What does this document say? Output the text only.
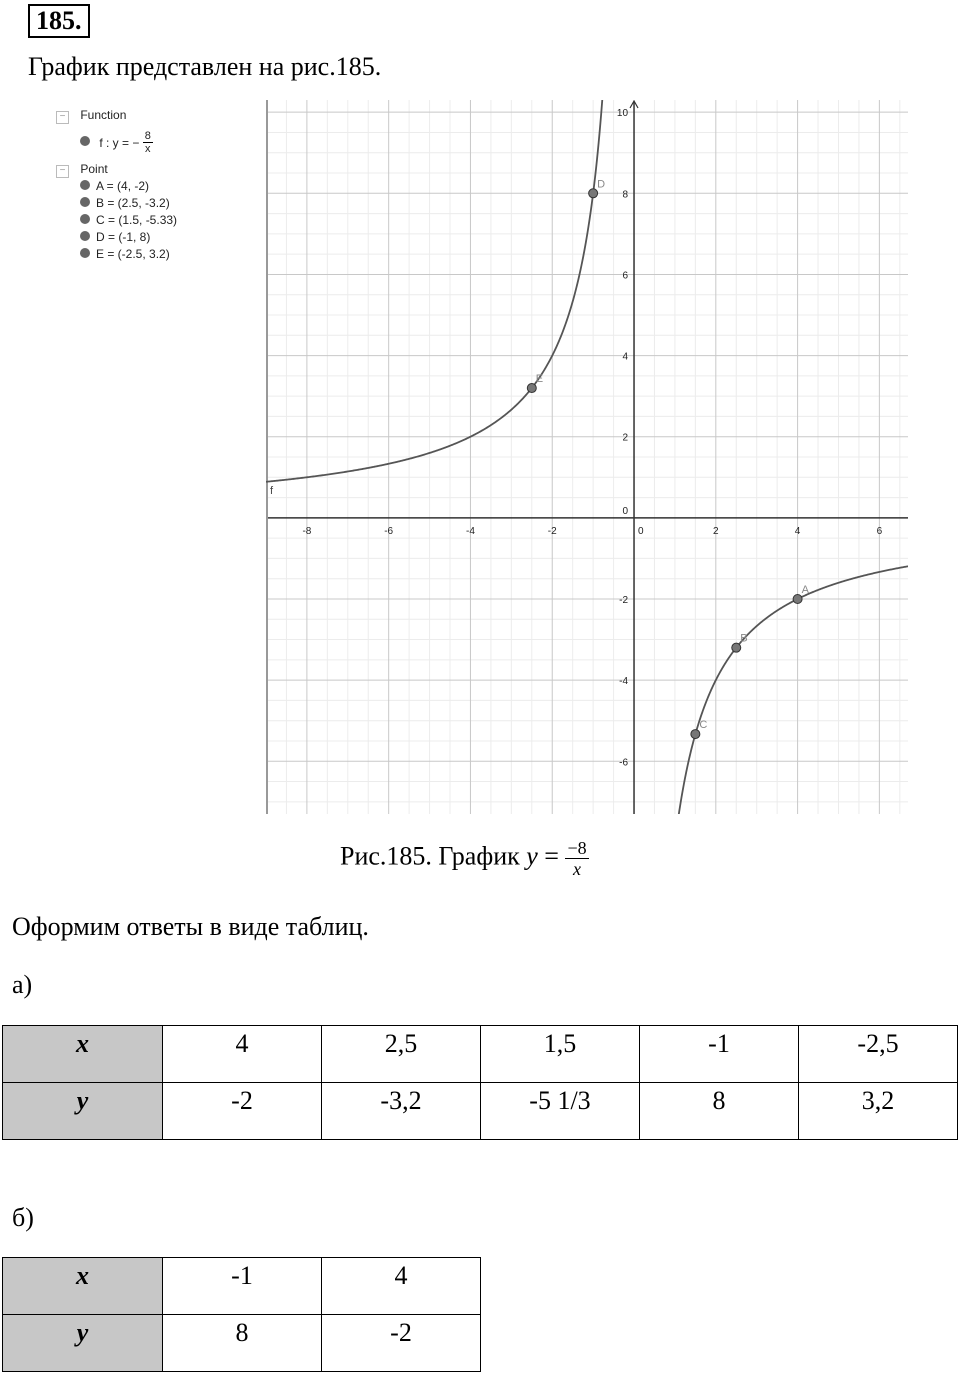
185.
График представлен на рис.185.
− Function
f : y = − $\frac{8}{x}$
− Point
A = (4, -2)
B = (2.5, -3.2)
C = (1.5, -5.33)
D = (-1, 8)
E = (-2.5, 3.2)
-8	-6	-4	-2	0	2	4	6
-6
-4
-2
0
2
4
6
8
10
f
A
B
C
D
E
Рис.185. График $y = \frac{-8}{x}$
Оформим ответы в виде таблиц.
а)
x	4	2,5	1,5	-1	-2,5
y	-2	-3,2	-5 1/3	8	3,2
б)
x	-1	4
y	8	-2
